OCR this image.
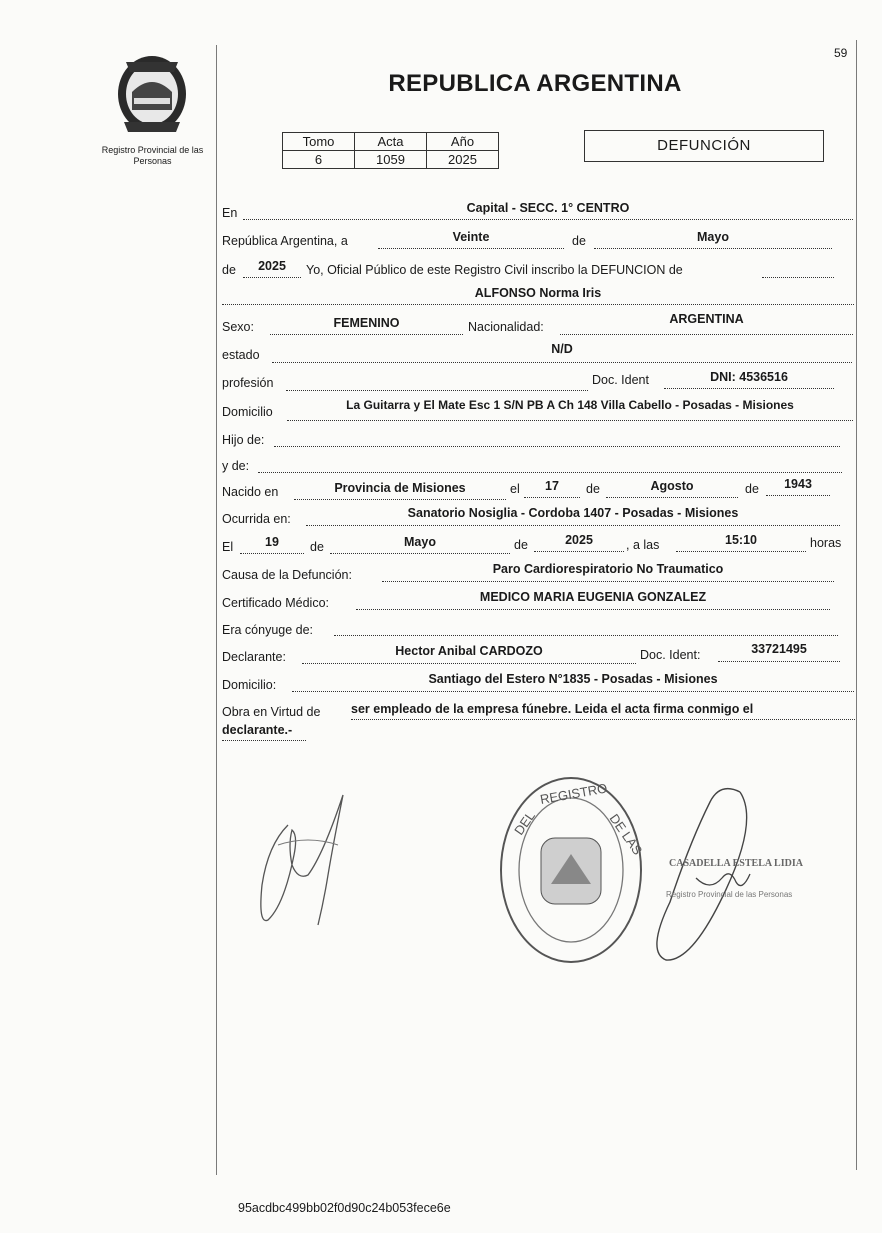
59
Registro Provincial de las Personas
REPUBLICA ARGENTINA
Tomo	Acta	Año
6	1059	2025
DEFUNCIÓN
En	Capital - SECC. 1° CENTRO
República Argentina, a	Veinte	de	Mayo
de	2025	Yo, Oficial Público de este Registro Civil inscribo la DEFUNCION de
ALFONSO Norma Iris
Sexo:	FEMENINO	Nacionalidad:
ARGENTINA
estado	N/D
profesión	Doc. Ident	DNI: 4536516
Domicilio	La Guitarra y El Mate Esc 1 S/N PB A Ch 148 Villa Cabello - Posadas - Misiones
Hijo de:
y de:
Nacido en	Provincia de Misiones	el	17	de	Agosto	de	1943
Ocurrida en:	Sanatorio Nosiglia - Cordoba 1407 - Posadas - Misiones
El	19	de	Mayo	de	2025	, a las	15:10	horas
Causa de la Defunción:	Paro Cardiorespiratorio No Traumatico
Certificado Médico:	MEDICO MARIA EUGENIA GONZALEZ
Era cónyuge de:
Declarante:	Hector Anibal CARDOZO	Doc. Ident:	33721495
Domicilio:	Santiago del Estero N°1835 - Posadas - Misiones
Obra en Virtud de ser empleado de la empresa fúnebre. Leida el acta firma conmigo el
declarante.-
DEL
REGISTRO
DE LAS
CASADELLA ESTELA LIDIA
Registro Provincial de las Personas
95acdbc499bb02f0d90c24b053fece6e
